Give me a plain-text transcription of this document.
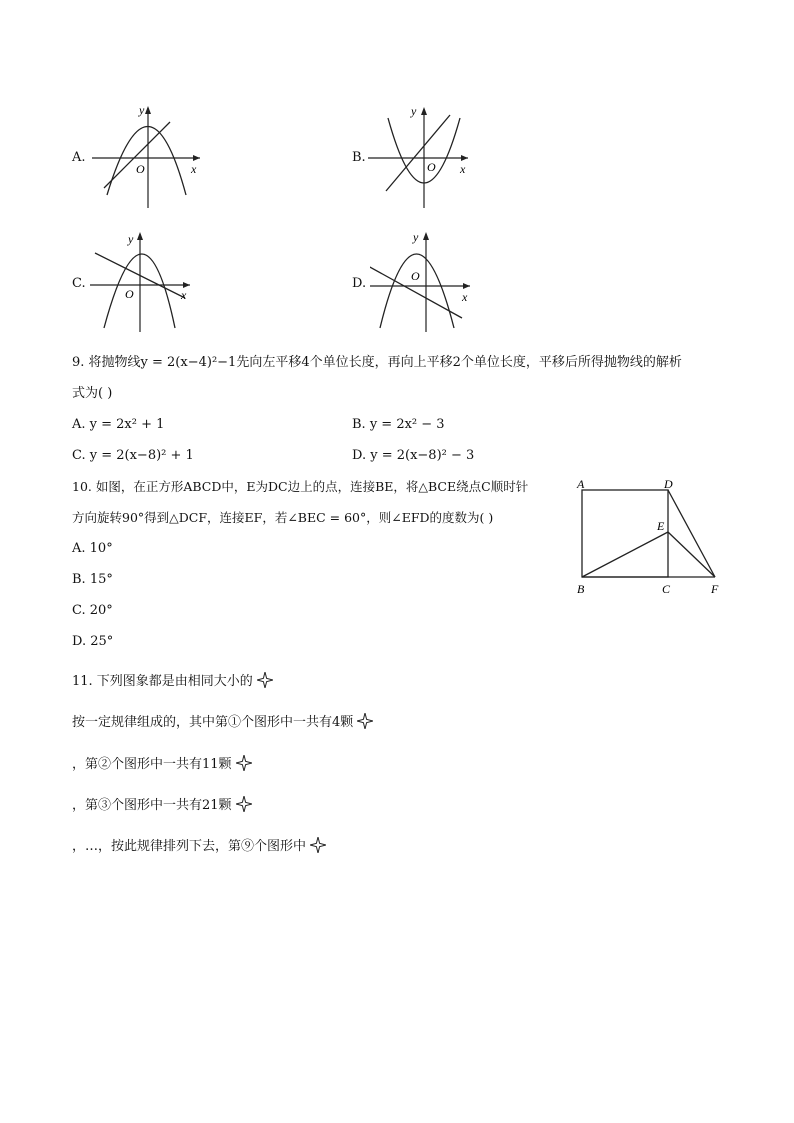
A.
y
x
O
B.
y
x
O
C.
y
x
O
D.
y
x
O
9. 将抛物线y = 2(x−4)²−1先向左平移4个单位长度，再向上平移2个单位长度，平移后所得抛物线的解析
式为( )
A. y = 2x² + 1	B. y = 2x² − 3
C. y = 2(x−8)² + 1	D. y = 2(x−8)² − 3
10. 如图，在正方形ABCD中，E为DC边上的点，连接BE，将△BCE绕点C顺时针
方向旋转90°得到△DCF，连接EF，若∠BEC = 60°，则∠EFD的度数为( )
A. 10°
B. 15°
C. 20°
D. 25°
A	D
E
B	C	F
11. 下列图象都是由相同大小的
按一定规律组成的，其中第①个图形中一共有4颗
，第②个图形中一共有11颗
，第③个图形中一共有21颗
，…，按此规律排列下去，第⑨个图形中
